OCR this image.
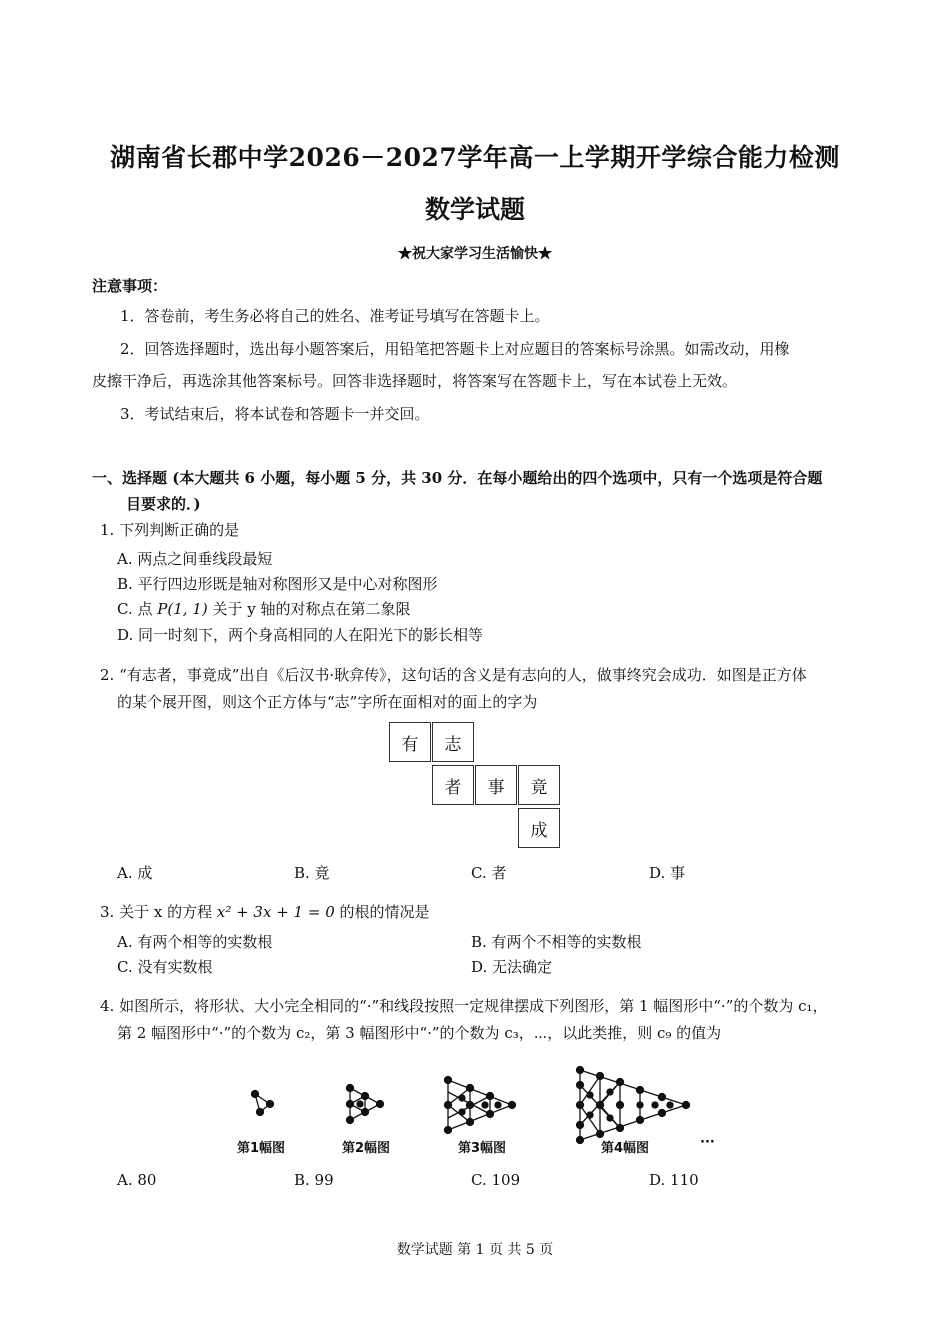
湖南省长郡中学2026－2027学年高一上学期开学综合能力检测
数学试题
★祝大家学习生活愉快★
注意事项：
1．答卷前，考生务必将自己的姓名、准考证号填写在答题卡上。
2．回答选择题时，选出每小题答案后，用铅笔把答题卡上对应题目的答案标号涂黑。如需改动，用橡
皮擦干净后，再选涂其他答案标号。回答非选择题时，将答案写在答题卡上，写在本试卷上无效。
3．考试结束后，将本试卷和答题卡一并交回。
一、选择题 (本大题共 6 小题，每小题 5 分，共 30 分．在每小题给出的四个选项中，只有一个选项是符合题
目要求的．)
1. 下列判断正确的是
A. 两点之间垂线段最短
B. 平行四边形既是轴对称图形又是中心对称图形
C. 点 P(1, 1) 关于 y 轴的对称点在第二象限
D. 同一时刻下，两个身高相同的人在阳光下的影长相等
2. “有志者，事竟成”出自《后汉书·耿弇传》，这句话的含义是有志向的人，做事终究会成功．如图是正方体
的某个展开图，则这个正方体与“志”字所在面相对的面上的字为
有	志
者	事	竟
成
A. 成	B. 竟	C. 者	D. 事
3. 关于 x 的方程 x² + 3x + 1 = 0 的根的情况是
A. 有两个相等的实数根	B. 有两个不相等的实数根
C. 没有实数根	D. 无法确定
4. 如图所示，将形状、大小完全相同的“·”和线段按照一定规律摆成下列图形，第 1 幅图形中“·”的个数为 c₁，
第 2 幅图形中“·”的个数为 c₂，第 3 幅图形中“·”的个数为 c₃，⋯，以此类推，则 c₉ 的值为
第1幅图	第2幅图	第3幅图	第4幅图	···
A. 80	B. 99	C. 109	D. 110
数学试题 第 1 页 共 5 页
